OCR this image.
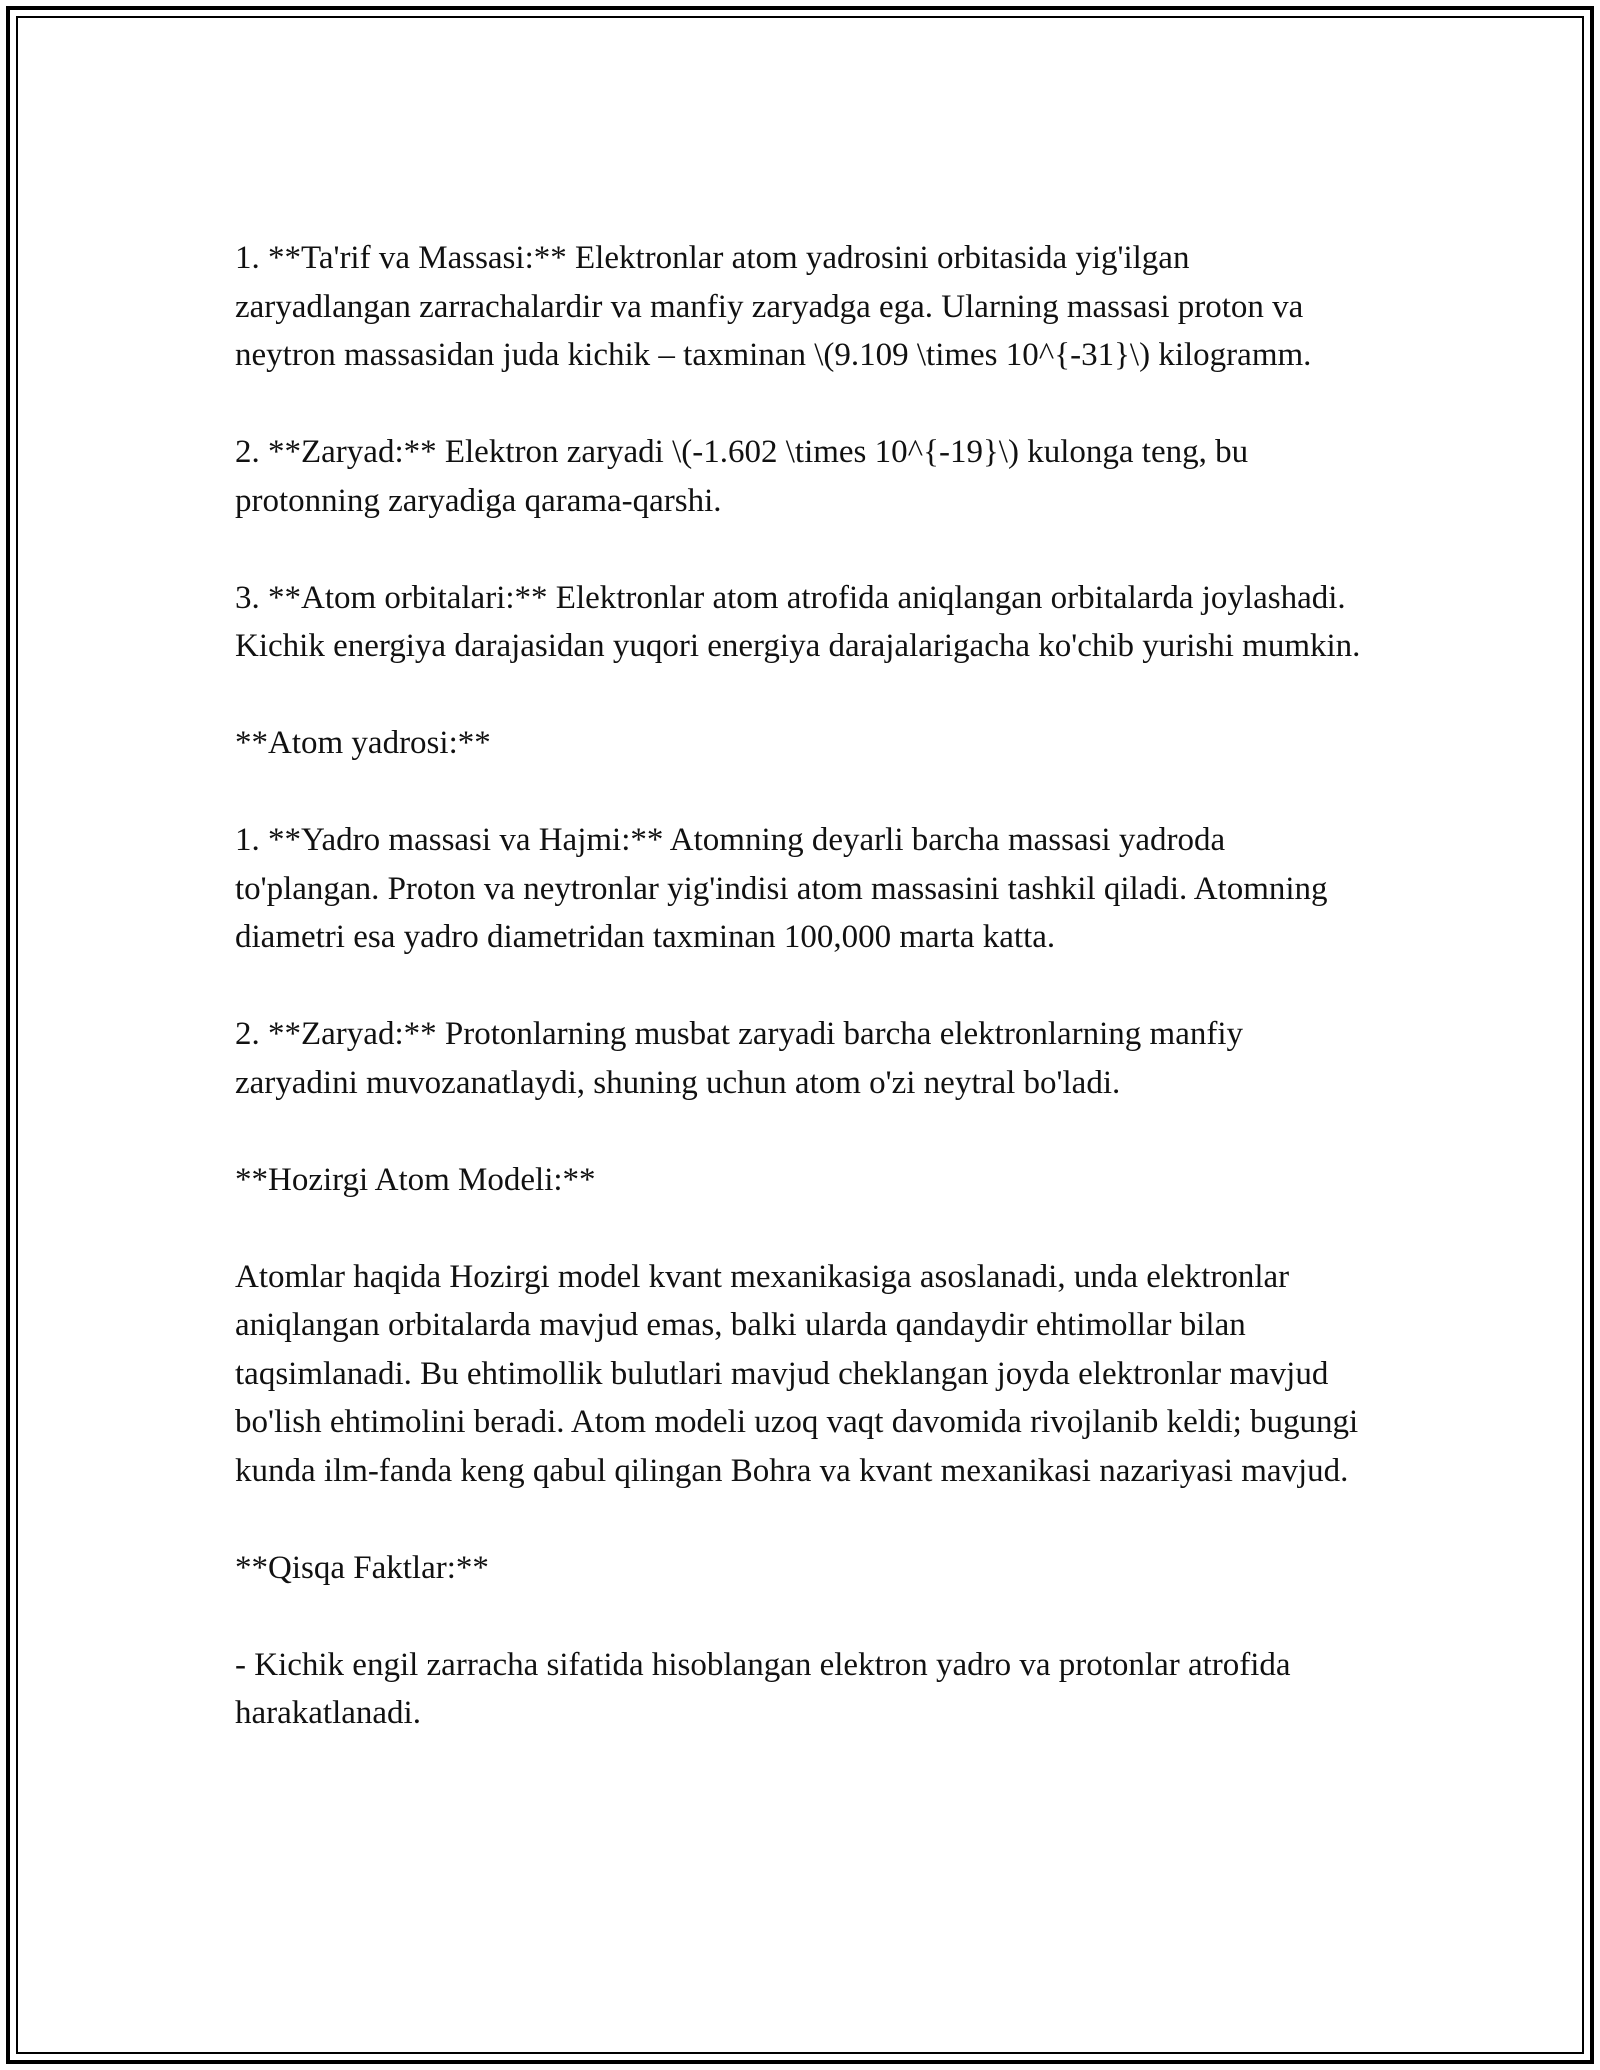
1. **Ta'rif va Massasi:** Elektronlar atom yadrosini orbitasida yig'ilgan zaryadlangan zarrachalardir va manfiy zaryadga ega. Ularning massasi proton va neytron massasidan juda kichik – taxminan \(9.109 \times 10^{-31}\) kilogramm.

2. **Zaryad:** Elektron zaryadi \(-1.602 \times 10^{-19}\) kulonga teng, bu protonning zaryadiga qarama-qarshi.

3. **Atom orbitalari:** Elektronlar atom atrofida aniqlangan orbitalarda joylashadi. Kichik energiya darajasidan yuqori energiya darajalarigacha ko'chib yurishi mumkin.

**Atom yadrosi:**

1. **Yadro massasi va Hajmi:** Atomning deyarli barcha massasi yadroda to'plangan. Proton va neytronlar yig'indisi atom massasini tashkil qiladi. Atomning diametri esa yadro diametridan taxminan 100,000 marta katta.

2. **Zaryad:** Protonlarning musbat zaryadi barcha elektronlarning manfiy zaryadini muvozanatlaydi, shuning uchun atom o'zi neytral bo'ladi.

**Hozirgi Atom Modeli:**

Atomlar haqida Hozirgi model kvant mexanikasiga asoslanadi, unda elektronlar aniqlangan orbitalarda mavjud emas, balki ularda qandaydir ehtimollar bilan taqsimlanadi. Bu ehtimollik bulutlari mavjud cheklangan joyda elektronlar mavjud bo'lish ehtimolini beradi. Atom modeli uzoq vaqt davomida rivojlanib keldi; bugungi kunda ilm-fanda keng qabul qilingan Bohra va kvant mexanikasi nazariyasi mavjud.

**Qisqa Faktlar:**

- Kichik engil zarracha sifatida hisoblangan elektron yadro va protonlar atrofida harakatlanadi.
